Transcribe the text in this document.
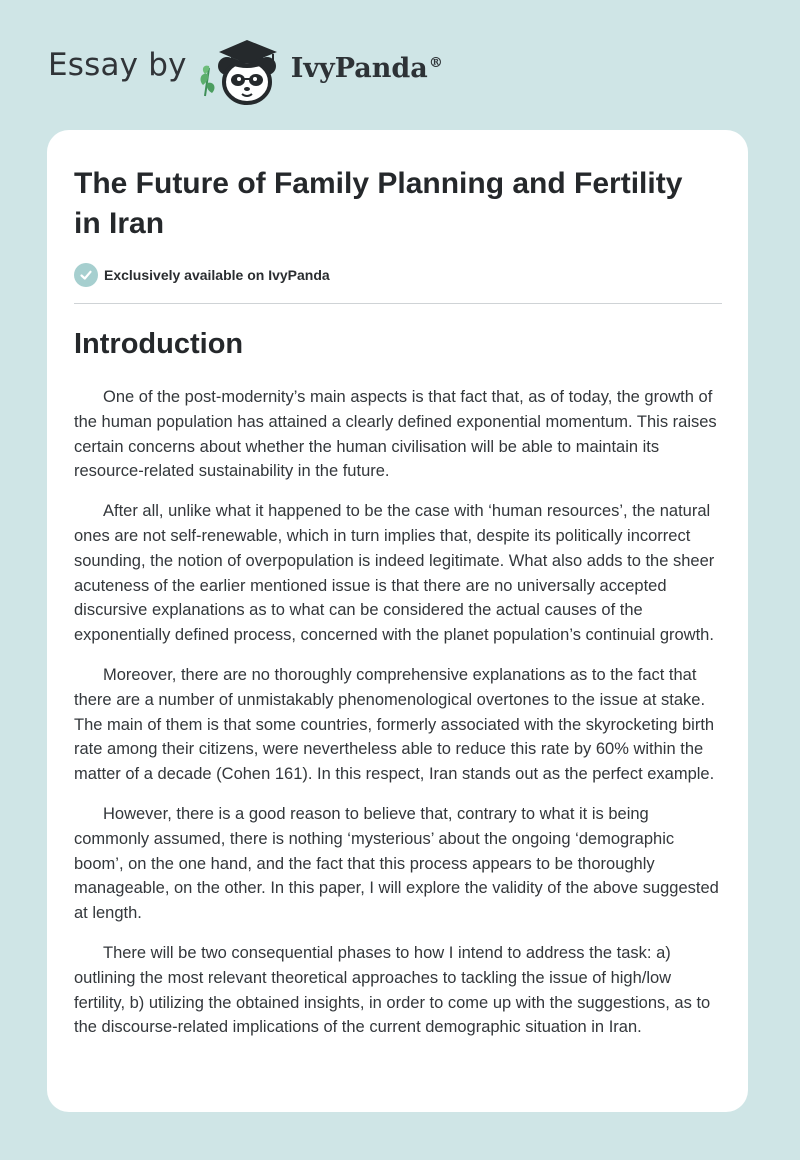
Essay by	IvyPanda®
The Future of Family Planning and Fertility in Iran
Exclusively available on IvyPanda
Introduction

One of the post-modernity’s main aspects is that fact that, as of today, the growth of the human population has attained a clearly defined exponential momentum. This raises certain concerns about whether the human civilisation will be able to maintain its resource-related sustainability in the future.

After all, unlike what it happened to be the case with ‘human resources’, the natural ones are not self-renewable, which in turn implies that, despite its politically incorrect sounding, the notion of overpopulation is indeed legitimate. What also adds to the sheer acuteness of the earlier mentioned issue is that there are no universally accepted discursive explanations as to what can be considered the actual causes of the exponentially defined process, concerned with the planet population’s continuial growth.

Moreover, there are no thoroughly comprehensive explanations as to the fact that there are a number of unmistakably phenomenological overtones to the issue at stake. The main of them is that some countries, formerly associated with the skyrocketing birth rate among their citizens, were nevertheless able to reduce this rate by 60% within the matter of a decade (Cohen 161). In this respect, Iran stands out as the perfect example.

However, there is a good reason to believe that, contrary to what it is being commonly assumed, there is nothing ‘mysterious’ about the ongoing ‘demographic boom’, on the one hand, and the fact that this process appears to be thoroughly manageable, on the other. In this paper, I will explore the validity of the above suggested at length.

There will be two consequential phases to how I intend to address the task: a) outlining the most relevant theoretical approaches to tackling the issue of high/low fertility, b) utilizing the obtained insights, in order to come up with the suggestions, as to the discourse-related implications of the current demographic situation in Iran.
